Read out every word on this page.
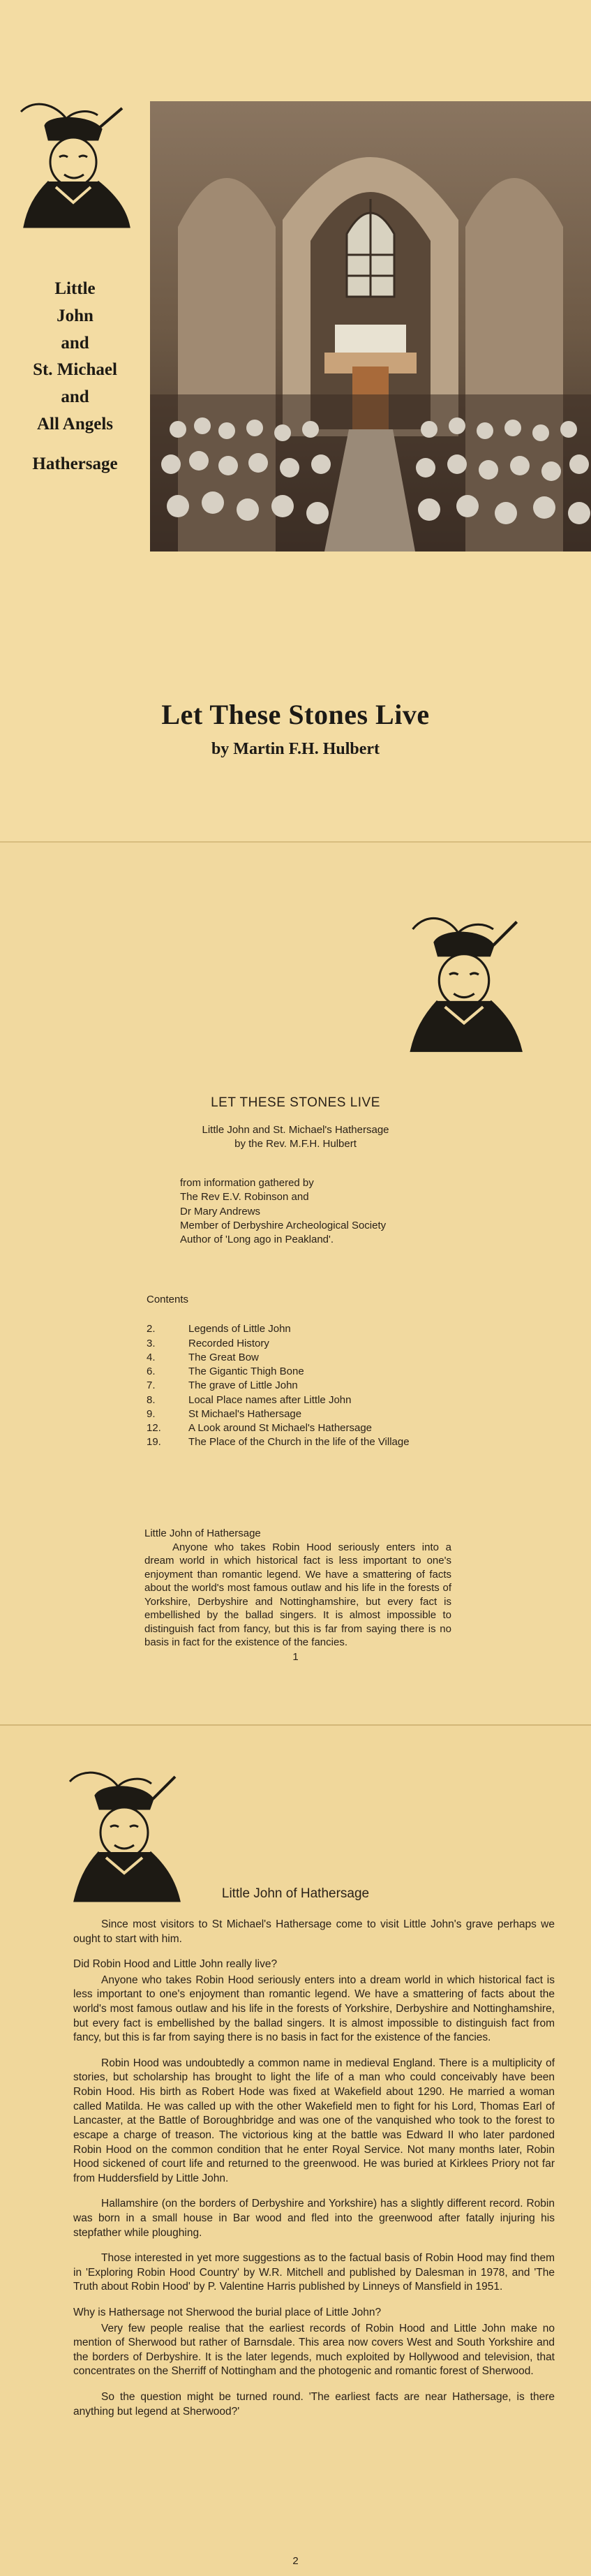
Little
John
and
St. Michael
and
All Angels
Hathersage
Let These Stones Live
by Martin F.H. Hulbert
LET THESE STONES LIVE
Little John and St. Michael's Hathersage
by the Rev. M.F.H. Hulbert
from information gathered by
The Rev E.V. Robinson and
Dr Mary Andrews
Member of Derbyshire Archeological Society
Author of 'Long ago in Peakland'.
Contents
2.	Legends of Little John
3.	Recorded History
4.	The Great Bow
6.	The Gigantic Thigh Bone
7.	The grave of Little John
8.	Local Place names after Little John
9.	St Michael's Hathersage
12.	A Look around St Michael's Hathersage
19.	The Place of the Church in the life of the Village
Little John of Hathersage

Anyone who takes Robin Hood seriously enters into a dream world in which historical fact is less important to one's enjoyment than romantic legend. We have a smattering of facts about the world's most famous outlaw and his life in the forests of Yorkshire, Derbyshire and Nottinghamshire, but every fact is embellished by the ballad singers. It is almost impossible to distinguish fact from fancy, but this is far from saying there is no basis in fact for the existence of the fancies.

1
Little John of Hathersage

Since most visitors to St Michael's Hathersage come to visit Little John's grave perhaps we ought to start with him.

Did Robin Hood and Little John really live?

Anyone who takes Robin Hood seriously enters into a dream world in which historical fact is less important to one's enjoyment than romantic legend. We have a smattering of facts about the world's most famous outlaw and his life in the forests of Yorkshire, Derbyshire and Nottinghamshire, but every fact is embellished by the ballad singers. It is almost impossible to distinguish fact from fancy, but this is far from saying there is no basis in fact for the existence of the fancies.

Robin Hood was undoubtedly a common name in medieval England. There is a multiplicity of stories, but scholarship has brought to light the life of a man who could conceivably have been Robin Hood. His birth as Robert Hode was fixed at Wakefield about 1290. He married a woman called Matilda. He was called up with the other Wakefield men to fight for his Lord, Thomas Earl of Lancaster, at the Battle of Boroughbridge and was one of the vanquished who took to the forest to escape a charge of treason. The victorious king at the battle was Edward II who later pardoned Robin Hood on the common condition that he enter Royal Service. Not many months later, Robin Hood sickened of court life and returned to the greenwood. He was buried at Kirklees Priory not far from Huddersfield by Little John.

Hallamshire (on the borders of Derbyshire and Yorkshire) has a slightly different record. Robin was born in a small house in Bar wood and fled into the greenwood after fatally injuring his stepfather while ploughing.

Those interested in yet more suggestions as to the factual basis of Robin Hood may find them in 'Exploring Robin Hood Country' by W.R. Mitchell and published by Dalesman in 1978, and 'The Truth about Robin Hood' by P. Valentine Harris published by Linneys of Mansfield in 1951.

Why is Hathersage not Sherwood the burial place of Little John?

Very few people realise that the earliest records of Robin Hood and Little John make no mention of Sherwood but rather of Barnsdale. This area now covers West and South Yorkshire and the borders of Derbyshire. It is the later legends, much exploited by Hollywood and television, that concentrates on the Sherriff of Nottingham and the photogenic and romantic forest of Sherwood.

So the question might be turned round. 'The earliest facts are near Hathersage, is there anything but legend at Sherwood?'

2
